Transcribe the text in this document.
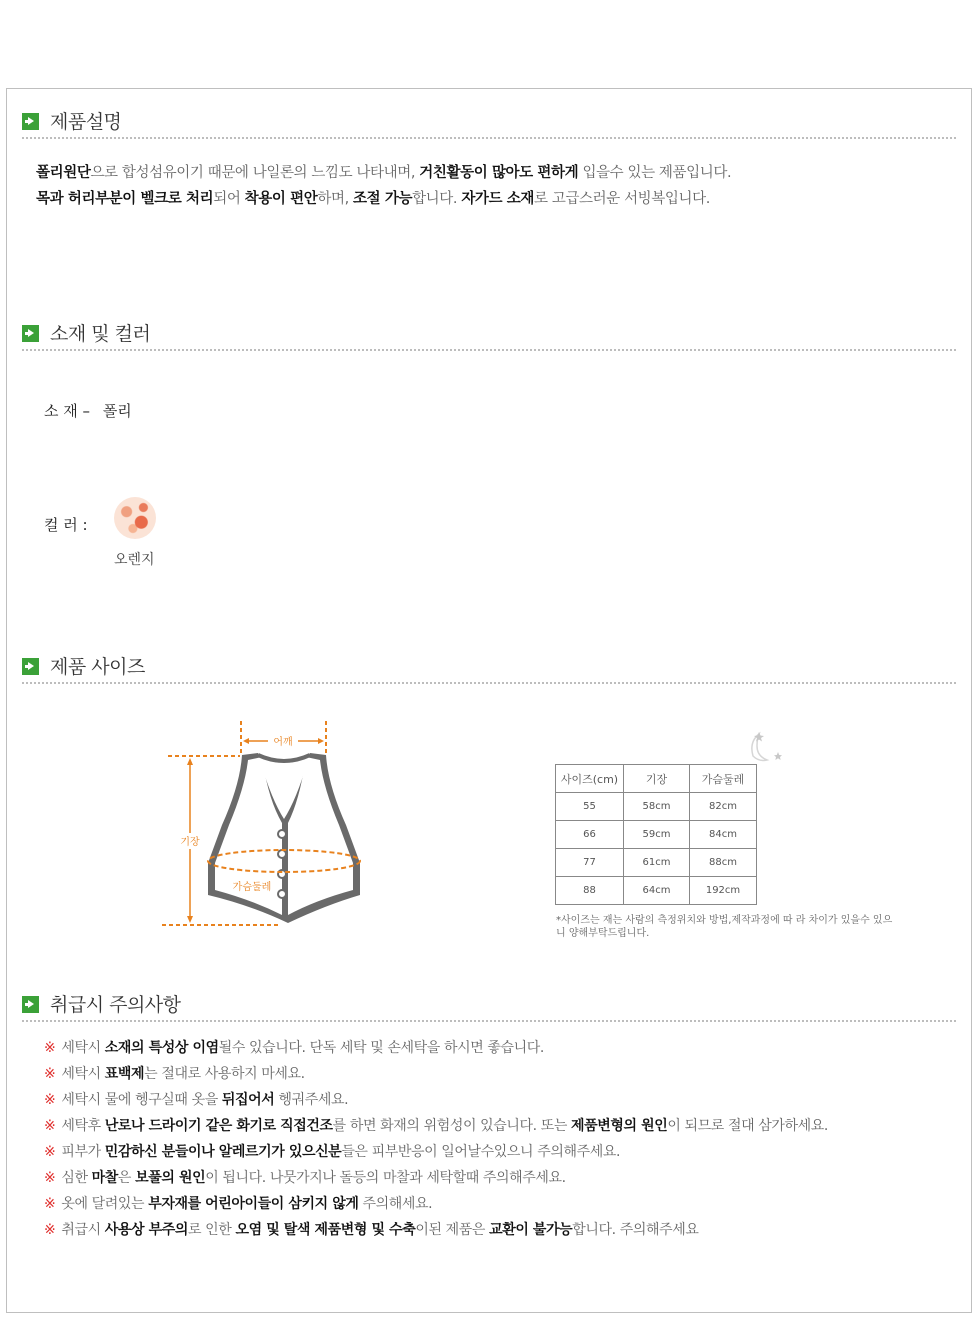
제품설명
폴리원단으로 합성섬유이기 때문에 나일론의 느낌도 나타내며, 거친활동이 많아도 편하게 입을수 있는 제품입니다.
목과 허리부분이 벨크로 처리되어 착용이 편안하며, 조절 가능합니다. 자가드 소재로 고급스러운 서빙복입니다.
소재 및 컬러
소 재 – 폴리
컬 러 :
오렌지
제품 사이즈
어깨
기장
가슴둘레
사이즈(cm)	기장	가슴둘레
55	58cm	82cm
66	59cm	84cm
77	61cm	88cm
88	64cm	192cm
*사이즈는 재는 사람의 측정위치와 방법,제작과정에 따 라 차이가 있을수 있으니 양해부탁드립니다.
취급시 주의사항
※ 세탁시 소재의 특성상 이염될수 있습니다. 단독 세탁 및 손세탁을 하시면 좋습니다.
※ 세탁시 표백제는 절대로 사용하지 마세요.
※ 세탁시 물에 헹구실때 옷을 뒤집어서 헹궈주세요.
※ 세탁후 난로나 드라이기 같은 화기로 직접건조를 하면 화재의 위험성이 있습니다. 또는 제품변형의 원인이 되므로 절대 삼가하세요.
※ 피부가 민감하신 분들이나 알레르기가 있으신분들은 피부반응이 일어날수있으니 주의해주세요.
※ 심한 마찰은 보풀의 원인이 됩니다. 나뭇가지나 돌등의 마찰과 세탁할때 주의해주세요.
※ 옷에 달려있는 부자재를 어린아이들이 삼키지 않게 주의해세요.
※ 취급시 사용상 부주의로 인한 오염 및 탈색 제품변형 및 수축이된 제품은 교환이 불가능합니다. 주의해주세요
